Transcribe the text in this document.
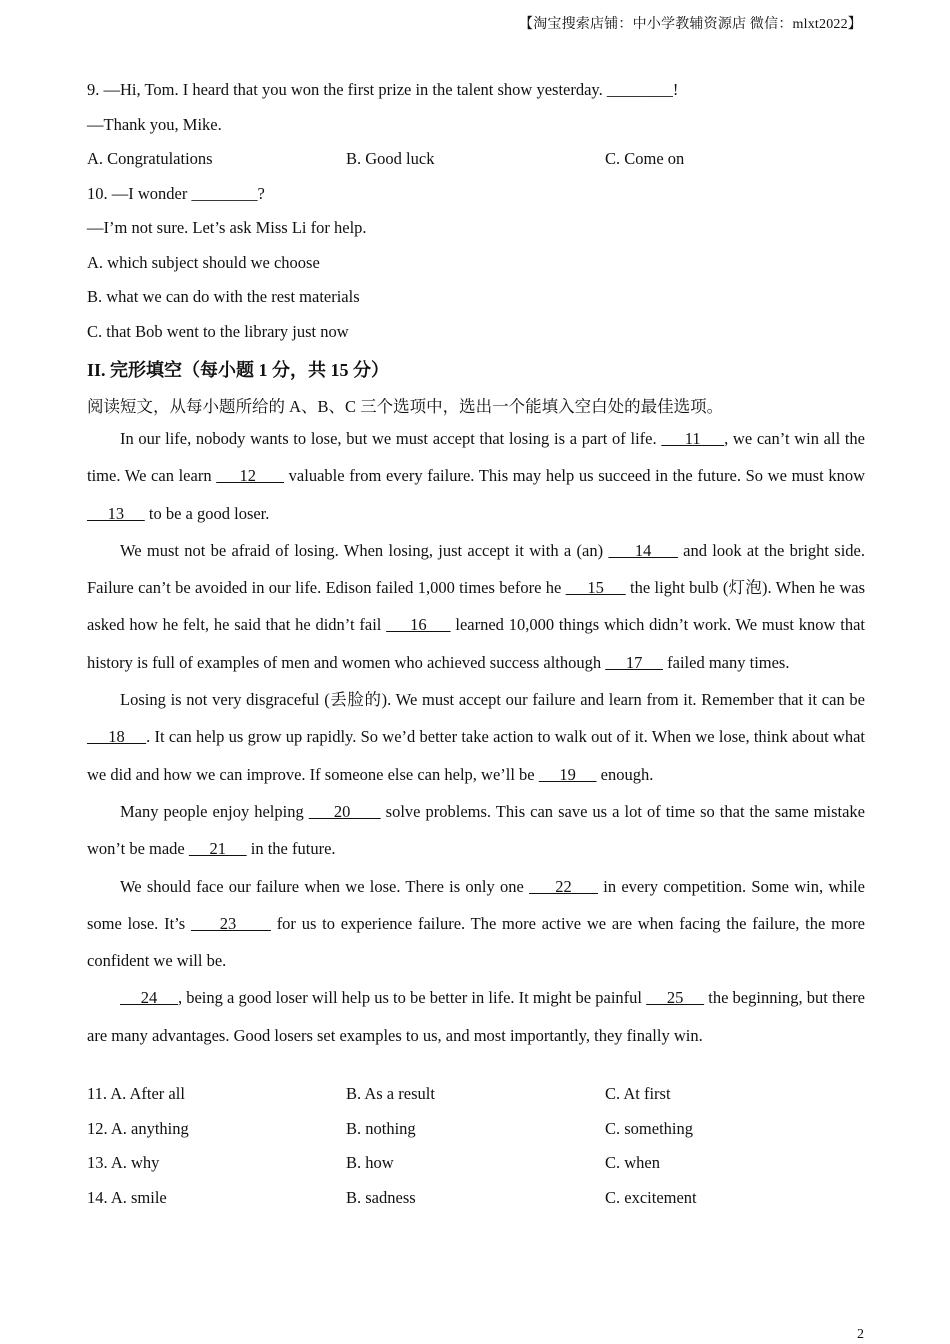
【淘宝搜索店铺：中小学教辅资源店 微信：mlxt2022】
9. —Hi, Tom. I heard that you won the first prize in the talent show yesterday. ________!
—Thank you, Mike.
A. Congratulations	B. Good luck	C. Come on
10. —I wonder ________?
—I’m not sure. Let’s ask Miss Li for help.
A. which subject should we choose
B. what we can do with the rest materials
C. that Bob went to the library just now
II. 完形填空（每小题 1 分，共 15 分）
阅读短文，从每小题所给的 A、B、C 三个选项中，选出一个能填入空白处的最佳选项。

In our life, nobody wants to lose, but we must accept that losing is a part of life.      11     , we can’t win all the time. We can learn      12       valuable from every failure. This may help us succeed in the future. So we must know      13      to be a good loser.

We must not be afraid of losing. When losing, just accept it with a (an)      14      and look at the bright side. Failure can’t be avoided in our life. Edison failed 1,000 times before he      15      the light bulb (灯泡). When he was asked how he felt, he said that he didn’t fail      16      learned 10,000 things which didn’t work. We must know that history is full of examples of men and women who achieved success although      17      failed many times.

Losing is not very disgraceful (丢脸的). We must accept our failure and learn from it. Remember that it can be      18     . It can help us grow up rapidly. So we’d better take action to walk out of it. When we lose, think about what we did and how we can improve. If someone else can help, we’ll be      19      enough.

Many people enjoy helping      20       solve problems. This can save us a lot of time so that the same mistake won’t be made      21      in the future.

We should face our failure when we lose. There is only one      22      in every competition. Some win, while some lose. It’s      23       for us to experience failure. The more active we are when facing the failure, the more confident we will be.

24     , being a good loser will help us to be better in life. It might be painful      25      the beginning, but there are many advantages. Good losers set examples to us, and most importantly, they finally win.

11. A. After all	B. As a result	C. At first
12. A. anything	B. nothing	C. something
13. A. why	B. how	C. when
14. A. smile	B. sadness	C. excitement
2
